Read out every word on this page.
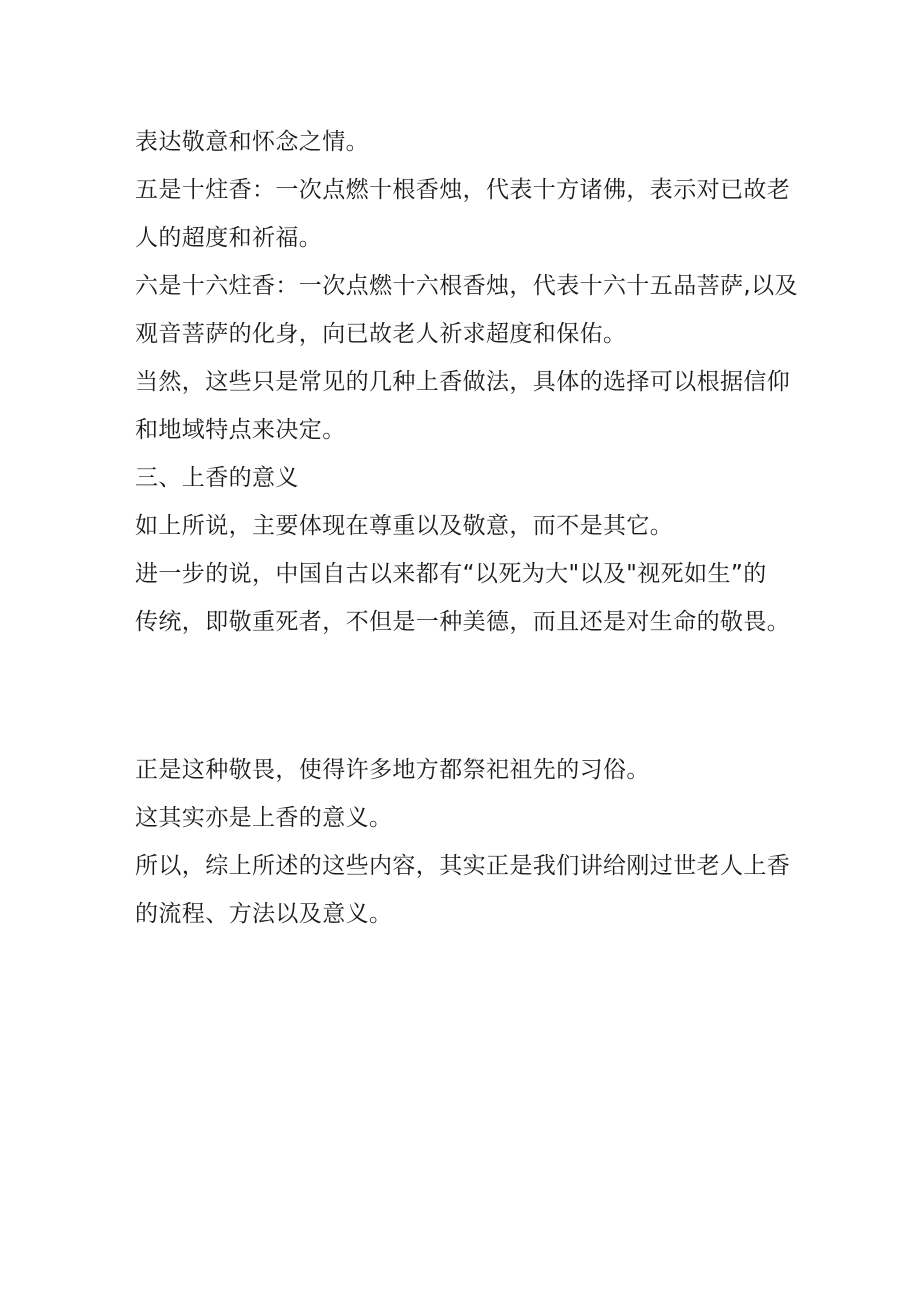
表达敬意和怀念之情。
五是十炷香：一次点燃十根香烛，代表十方诸佛，表示对已故老
人的超度和祈福。
六是十六炷香：一次点燃十六根香烛，代表十六十五品菩萨,以及
观音菩萨的化身，向已故老人祈求超度和保佑。
当然，这些只是常见的几种上香做法，具体的选择可以根据信仰
和地域特点来决定。
三、上香的意义
如上所说，主要体现在尊重以及敬意，而不是其它。
进一步的说，中国自古以来都有“以死为大"以及"视死如生”的
传统，即敬重死者，不但是一种美德，而且还是对生命的敬畏。
正是这种敬畏，使得许多地方都祭祀祖先的习俗。
这其实亦是上香的意义。
所以，综上所述的这些内容，其实正是我们讲给刚过世老人上香
的流程、方法以及意义。
